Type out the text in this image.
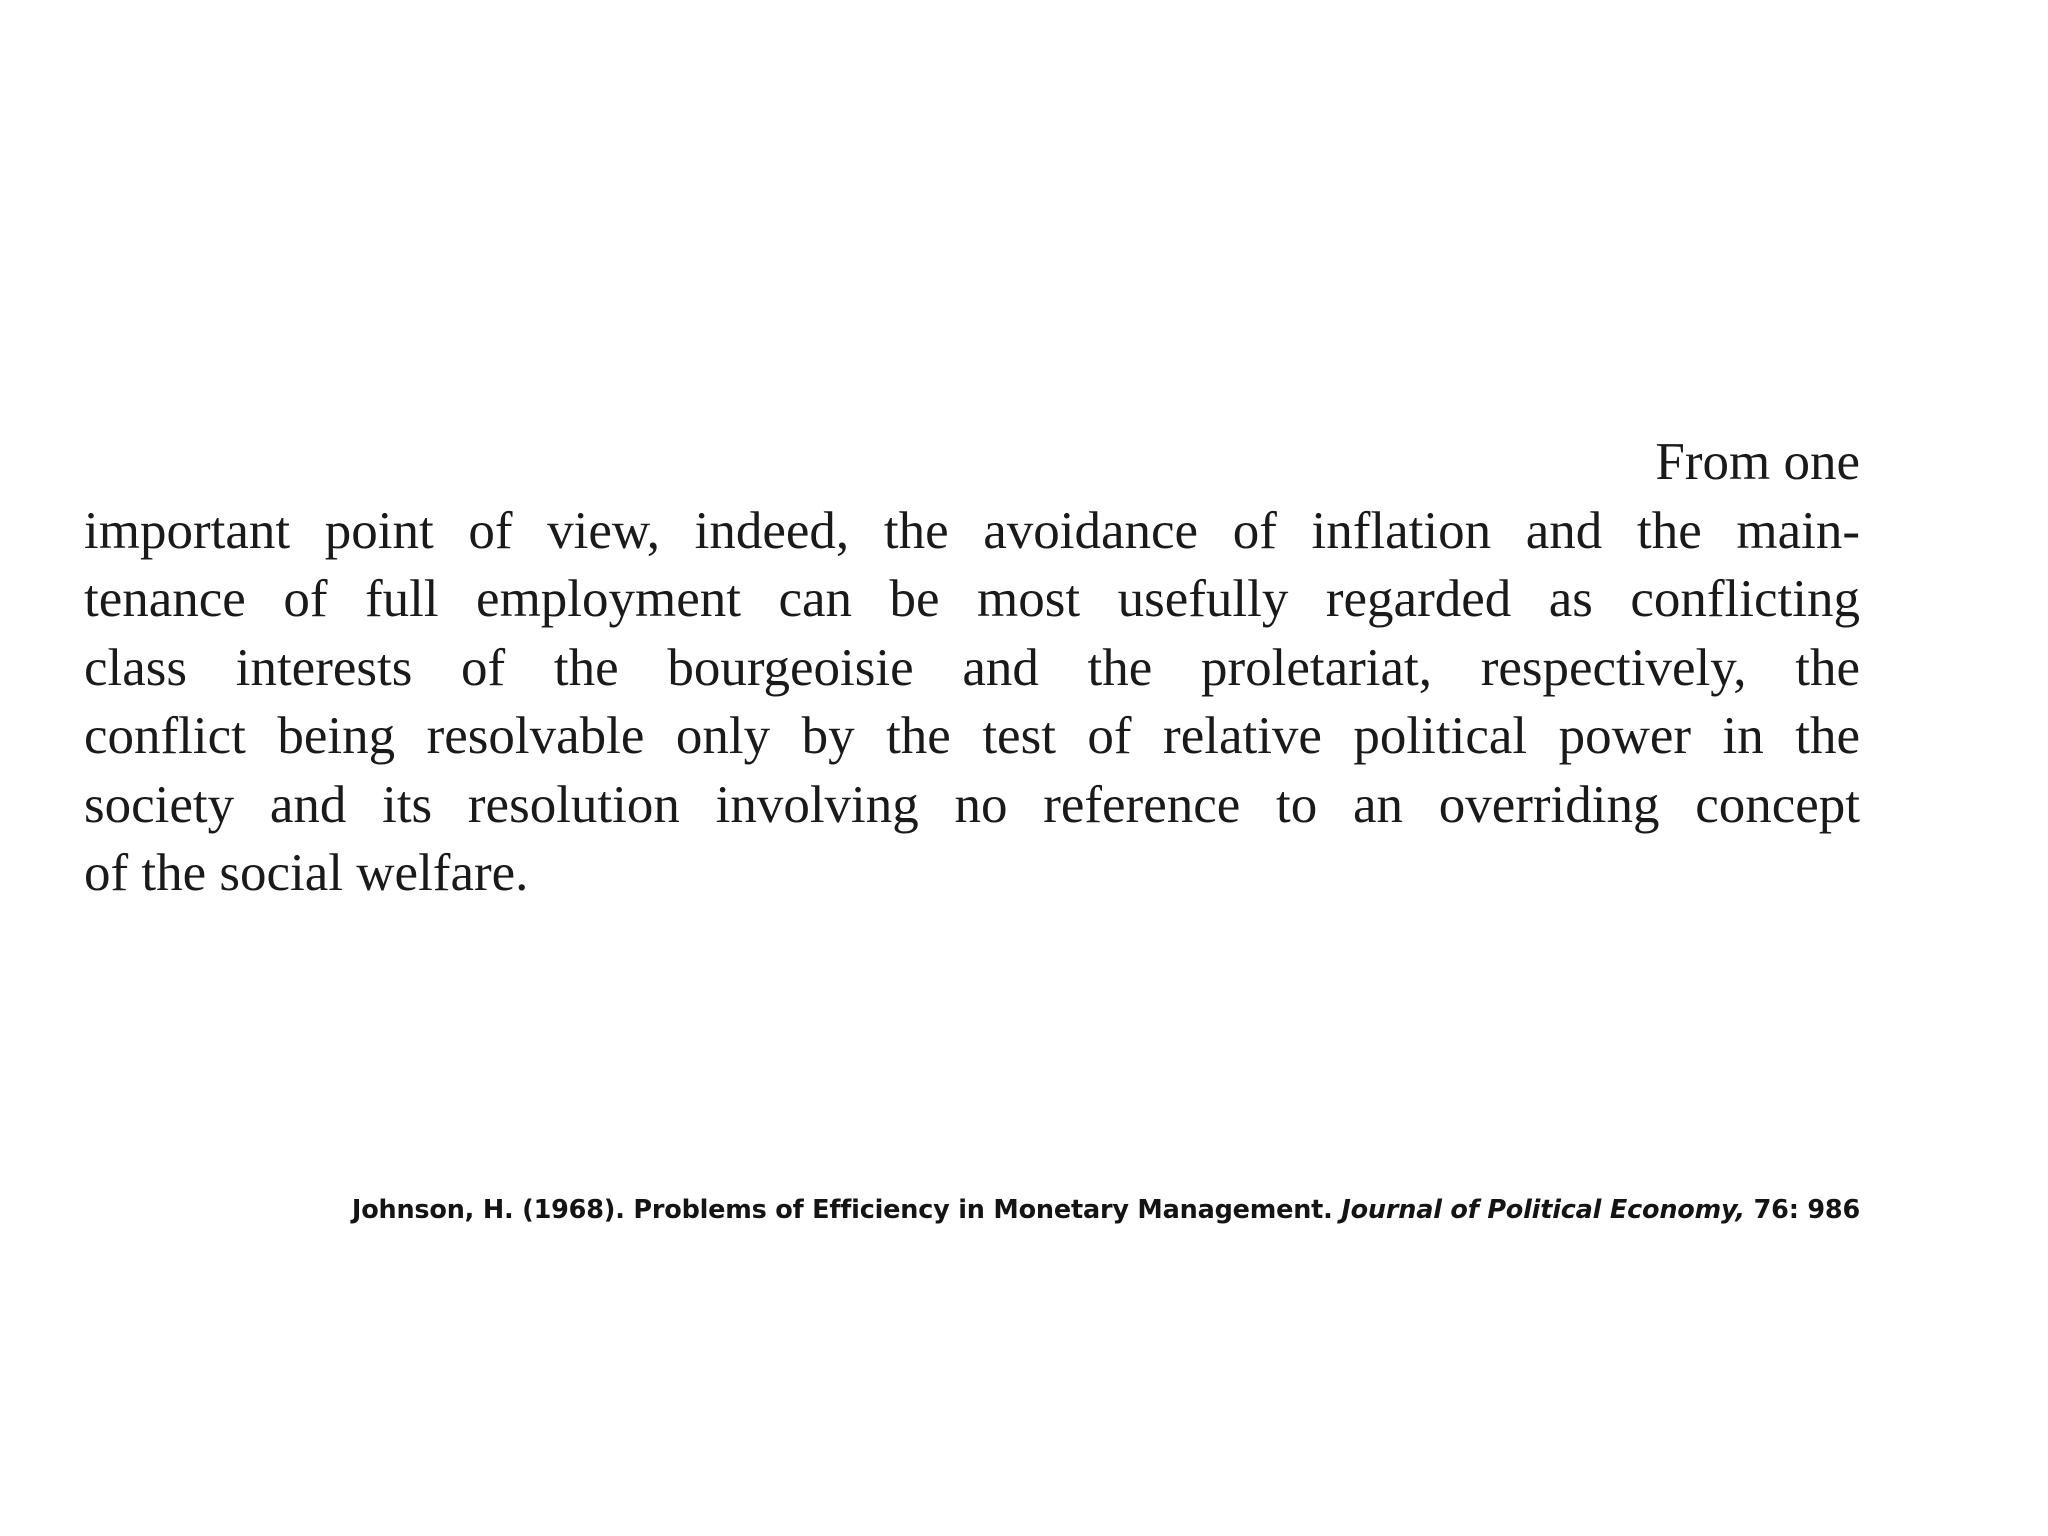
From one
important point of view, indeed, the avoidance of inflation and the main-
tenance of full employment can be most usefully regarded as conflicting
class interests of the bourgeoisie and the proletariat, respectively, the
conflict being resolvable only by the test of relative political power in the
society and its resolution involving no reference to an overriding concept
of the social welfare.
Johnson, H. (1968). Problems of Efficiency in Monetary Management. Journal of Political Economy, 76: 986
